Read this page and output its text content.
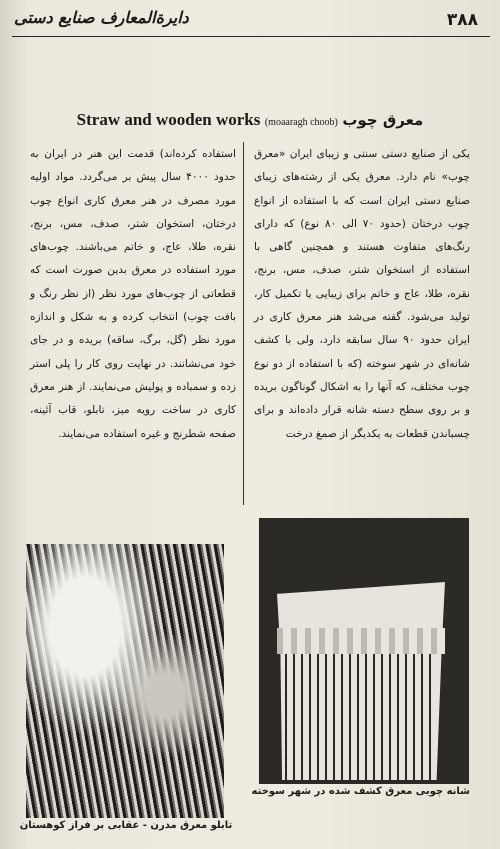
۳۸۸
دایرةالمعارف صنایع دستی
Straw and wooden works (moaaragh choob) معرق چوب
یکی از صنایع دستی سنتی و زیبای ایران «معرق چوب» نام دارد. معرق یکی از رشته‌های زیبای صنایع دستی ایران است که با استفاده از انواع چوب درختان (حدود ۷۰ الی ۸۰ نوع) که دارای رنگ‌های متفاوت هستند و همچنین گاهی با استفاده از استخوان شتر، صدف، مس، برنج، نقره، طلا، عاج و خاتم برای زیبایی یا تکمیل کار، تولید می‌شود. گفته می‌شد هنر معرق کاری در ایران حدود ۹۰ سال سابقه دارد، ولی با کشف شانه‌ای در شهر سوخته (که با استفاده از دو نوع چوب مختلف، که آنها را به اشکال گوناگون بریده و بر روی سطح دسته شانه قرار داده‌اند و برای چسباندن قطعات به یکدیگر از صمغ درخت
استفاده کرده‌اند) قدمت این هنر در ایران به حدود ۴۰۰۰ سال پیش بر می‌گردد. مواد اولیه مورد مصرف در هنر معرق کاری انواع چوب درختان، استخوان شتر، صدف، مس، برنج، نقره، طلا، عاج، و خاتم می‌باشند. چوب‌های مورد استفاده در معرق بدین صورت است که قطعاتی از چوب‌های مورد نظر (از نظر رنگ و بافت چوب) انتخاب کرده و به شکل و اندازه مورد نظر (گل، برگ، ساقه) بریده و در جای خود می‌نشانند. در نهایت روی کار را پلی استر زده و سمباده و پولیش می‌نمایند. از هنر معرق کاری در ساخت رویه میز، تابلو، قاب آئینه، صفحه شطرنج و غیره استفاده می‌نمایند.
تابلو معرق مدرن - عقابی بر فراز کوهستان
شانه چوبی معرق کشف شده در شهر سوخته
